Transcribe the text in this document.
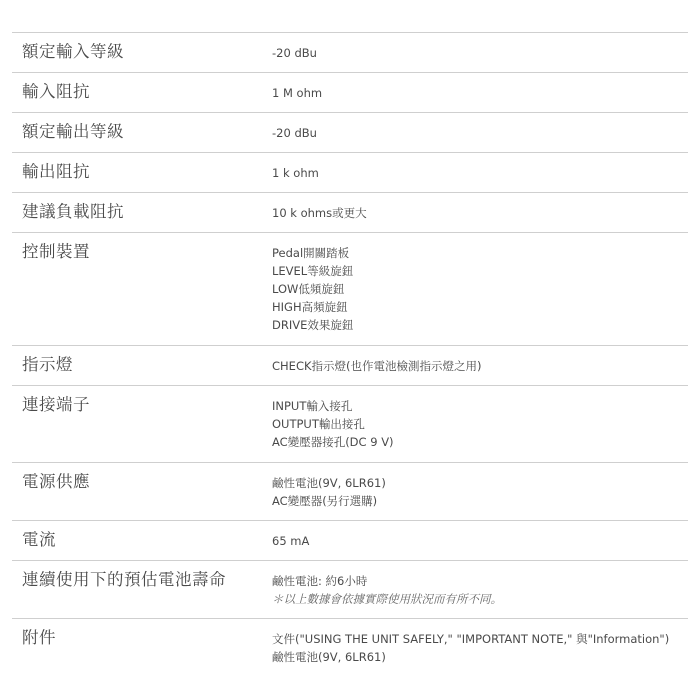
額定輸入等級	-20 dBu
輸入阻抗	1 M ohm
額定輸出等級	-20 dBu
輸出阻抗	1 k ohm
建議負載阻抗	10 k ohms或更大
控制裝置	Pedal開關踏板
LEVEL等級旋鈕
LOW低頻旋鈕
HIGH高頻旋鈕
DRIVE效果旋鈕
指示燈	CHECK指示燈(也作電池檢測指示燈之用)
連接端子	INPUT輸入接孔
OUTPUT輸出接孔
AC變壓器接孔(DC 9 V)
電源供應	鹼性電池(9V, 6LR61)
AC變壓器(另行選購)
電流	65 mA
連續使用下的預估電池壽命	鹼性電池: 約6小時
＊以上數據會依據實際使用狀況而有所不同。
附件	文件("USING THE UNIT SAFELY," "IMPORTANT NOTE," 與"Information")
鹼性電池(9V, 6LR61)
